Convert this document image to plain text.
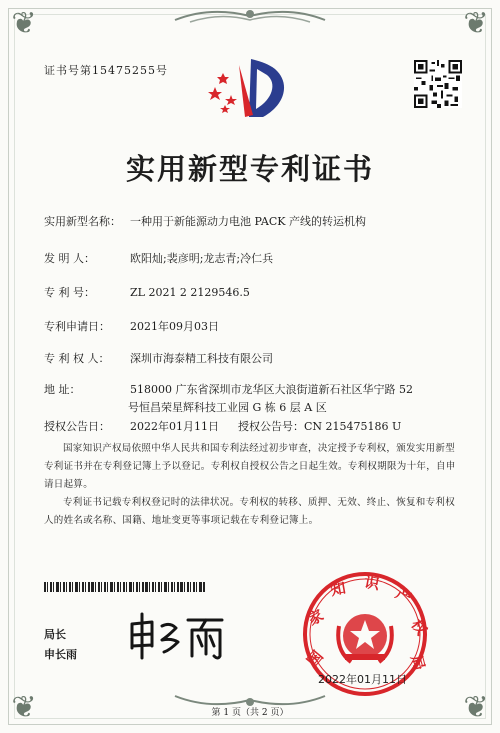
❦	❦
❦	❦
证书号第15475255号
实用新型专利证书
实用新型名称： 一种用于新能源动力电池 PACK 产线的转运机构
发 明 人：	欧阳灿;裴彦明;龙志青;冷仁兵
专 利 号：	ZL 2021 2 2129546.5
专利申请日： 2021年09月03日
专 利 权 人： 深圳市海泰精工科技有限公司
地 址：	518000 广东省深圳市龙华区大浪街道新石社区华宁路 52
号恒昌荣星辉科技工业园 G 栋 6 层 A 区
授权公告日： 2022年01月11日 授权公告号：CN 215475186 U
国家知识产权局依照中华人民共和国专利法经过初步审查，决定授予专利权，颁发实用新型专利证书并在专利登记簿上予以登记。专利权自授权公告之日起生效。专利权期限为十年，自申请日起算。
专利证书记载专利权登记时的法律状况。专利权的转移、质押、无效、终止、恢复和专利权人的姓名或名称、国籍、地址变更等事项记载在专利登记簿上。
局长
申长雨	国
家
知 识
产
权
局
2022年01月11日
第 1 页（共 2 页）
